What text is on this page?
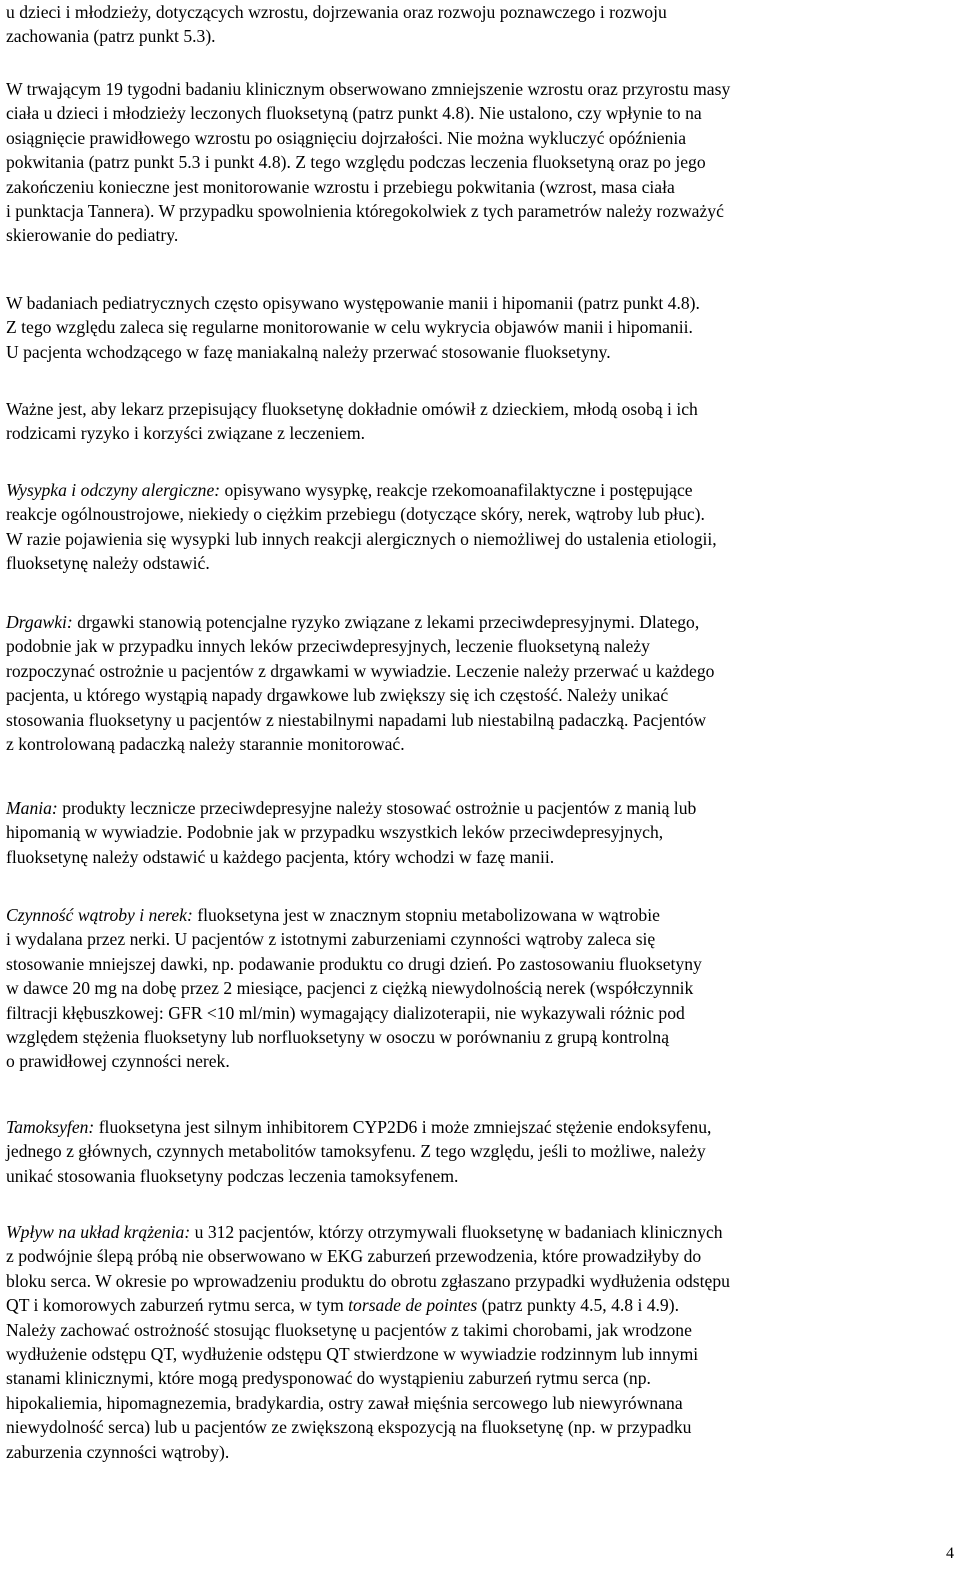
u dzieci i młodzieży, dotyczących wzrostu, dojrzewania oraz rozwoju poznawczego i rozwoju
zachowania (patrz punkt 5.3).

W trwającym 19 tygodni badaniu klinicznym obserwowano zmniejszenie wzrostu oraz przyrostu masy
ciała u dzieci i młodzieży leczonych fluoksetyną (patrz punkt 4.8). Nie ustalono, czy wpłynie to na
osiągnięcie prawidłowego wzrostu po osiągnięciu dojrzałości. Nie można wykluczyć opóźnienia
pokwitania (patrz punkt 5.3 i punkt 4.8). Z tego względu podczas leczenia fluoksetyną oraz po jego
zakończeniu konieczne jest monitorowanie wzrostu i przebiegu pokwitania (wzrost, masa ciała
i punktacja Tannera). W przypadku spowolnienia któregokolwiek z tych parametrów należy rozważyć
skierowanie do pediatry.

W badaniach pediatrycznych często opisywano występowanie manii i hipomanii (patrz punkt 4.8).
Z tego względu zaleca się regularne monitorowanie w celu wykrycia objawów manii i hipomanii.
U pacjenta wchodzącego w fazę maniakalną należy przerwać stosowanie fluoksetyny.

Ważne jest, aby lekarz przepisujący fluoksetynę dokładnie omówił z dzieckiem, młodą osobą i ich
rodzicami ryzyko i korzyści związane z leczeniem.

Wysypka i odczyny alergiczne: opisywano wysypkę, reakcje rzekomoanafilaktyczne i postępujące
reakcje ogólnoustrojowe, niekiedy o ciężkim przebiegu (dotyczące skóry, nerek, wątroby lub płuc).
W razie pojawienia się wysypki lub innych reakcji alergicznych o niemożliwej do ustalenia etiologii,
fluoksetynę należy odstawić.

Drgawki: drgawki stanowią potencjalne ryzyko związane z lekami przeciwdepresyjnymi. Dlatego,
podobnie jak w przypadku innych leków przeciwdepresyjnych, leczenie fluoksetyną należy
rozpoczynać ostrożnie u pacjentów z drgawkami w wywiadzie. Leczenie należy przerwać u każdego
pacjenta, u którego wystąpią napady drgawkowe lub zwiększy się ich częstość. Należy unikać
stosowania fluoksetyny u pacjentów z niestabilnymi napadami lub niestabilną padaczką. Pacjentów
z kontrolowaną padaczką należy starannie monitorować.

Mania: produkty lecznicze przeciwdepresyjne należy stosować ostrożnie u pacjentów z manią lub
hipomanią w wywiadzie. Podobnie jak w przypadku wszystkich leków przeciwdepresyjnych,
fluoksetynę należy odstawić u każdego pacjenta, który wchodzi w fazę manii.

Czynność wątroby i nerek: fluoksetyna jest w znacznym stopniu metabolizowana w wątrobie
i wydalana przez nerki. U pacjentów z istotnymi zaburzeniami czynności wątroby zaleca się
stosowanie mniejszej dawki, np. podawanie produktu co drugi dzień. Po zastosowaniu fluoksetyny
w dawce 20 mg na dobę przez 2 miesiące, pacjenci z ciężką niewydolnością nerek (współczynnik
filtracji kłębuszkowej: GFR <10 ml/min) wymagający dializoterapii, nie wykazywali różnic pod
względem stężenia fluoksetyny lub norfluoksetyny w osoczu w porównaniu z grupą kontrolną
o prawidłowej czynności nerek.

Tamoksyfen: fluoksetyna jest silnym inhibitorem CYP2D6 i może zmniejszać stężenie endoksyfenu,
jednego z głównych, czynnych metabolitów tamoksyfenu. Z tego względu, jeśli to możliwe, należy
unikać stosowania fluoksetyny podczas leczenia tamoksyfenem.

Wpływ na układ krążenia: u 312 pacjentów, którzy otrzymywali fluoksetynę w badaniach klinicznych
z podwójnie ślepą próbą nie obserwowano w EKG zaburzeń przewodzenia, które prowadziłyby do
bloku serca. W okresie po wprowadzeniu produktu do obrotu zgłaszano przypadki wydłużenia odstępu
QT i komorowych zaburzeń rytmu serca, w tym torsade de pointes (patrz punkty 4.5, 4.8 i 4.9).
Należy zachować ostrożność stosując fluoksetynę u pacjentów z takimi chorobami, jak wrodzone
wydłużenie odstępu QT, wydłużenie odstępu QT stwierdzone w wywiadzie rodzinnym lub innymi
stanami klinicznymi, które mogą predysponować do wystąpieniu zaburzeń rytmu serca (np.
hipokaliemia, hipomagnezemia, bradykardia, ostry zawał mięśnia sercowego lub niewyrównana
niewydolność serca) lub u pacjentów ze zwiększoną ekspozycją na fluoksetynę (np. w przypadku
zaburzenia czynności wątroby).

4
